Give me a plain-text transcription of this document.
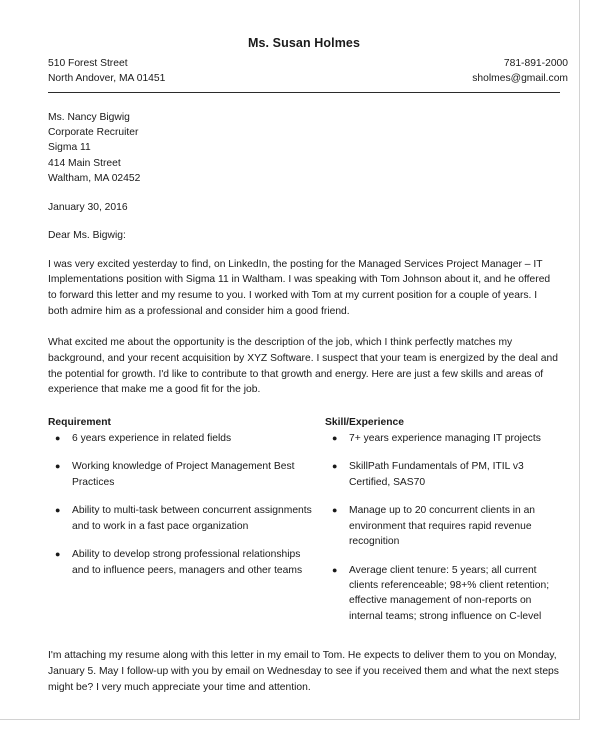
Ms. Susan Holmes
510 Forest Street
North Andover, MA 01451
781-891-2000
sholmes@gmail.com
Ms. Nancy Bigwig
Corporate Recruiter
Sigma 11
414 Main Street
Waltham, MA 02452
January 30, 2016
Dear Ms. Bigwig:
I was very excited yesterday to find, on LinkedIn, the posting for the Managed Services Project Manager – IT Implementations position with Sigma 11 in Waltham. I was speaking with Tom Johnson about it, and he offered to forward this letter and my resume to you. I worked with Tom at my current position for a couple of years. I both admire him as a professional and consider him a good friend.
What excited me about the opportunity is the description of the job, which I think perfectly matches my background, and your recent acquisition by XYZ Software. I suspect that your team is energized by the deal and the potential for growth. I'd like to contribute to that growth and energy. Here are just a few skills and areas of experience that make me a good fit for the job.
Requirement
● 6 years experience in related fields
● Working knowledge of Project Management Best Practices
● Ability to multi-task between concurrent assignments and to work in a fast pace organization
● Ability to develop strong professional relationships and to influence peers, managers and other teams
Skill/Experience
● 7+ years experience managing IT projects
● SkillPath Fundamentals of PM, ITIL v3 Certified, SAS70
● Manage up to 20 concurrent clients in an environment that requires rapid revenue recognition
● Average client tenure: 5 years; all current clients referenceable; 98+% client retention; effective management of non-reports on internal teams; strong influence on C-level
I'm attaching my resume along with this letter in my email to Tom. He expects to deliver them to you on Monday, January 5. May I follow-up with you by email on Wednesday to see if you received them and what the next steps might be? I very much appreciate your time and attention.
